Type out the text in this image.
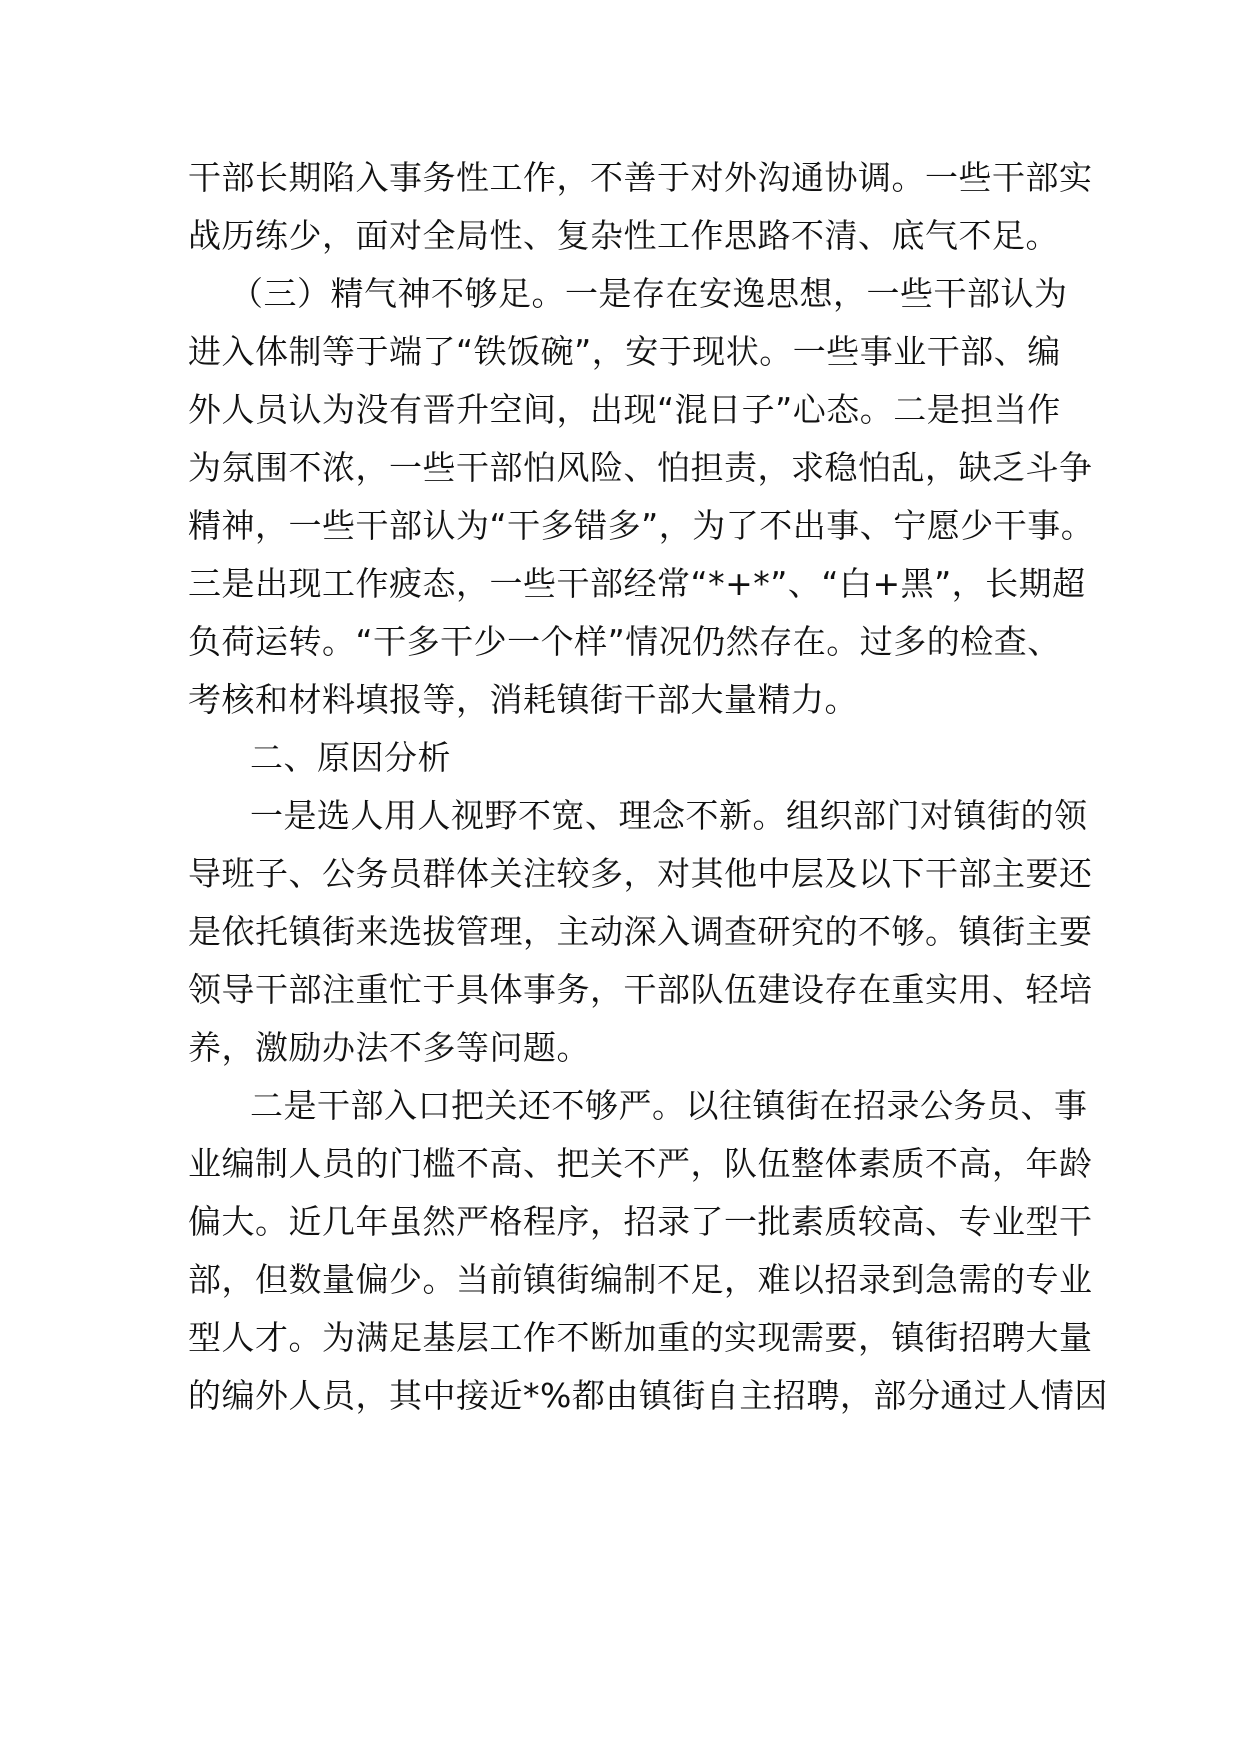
干部长期陷入事务性工作，不善于对外沟通协调。一些干部实
战历练少，面对全局性、复杂性工作思路不清、底气不足。
（三）精气神不够足。一是存在安逸思想，一些干部认为
进入体制等于端了“铁饭碗”，安于现状。一些事业干部、编
外人员认为没有晋升空间，出现“混日子”心态。二是担当作
为氛围不浓，一些干部怕风险、怕担责，求稳怕乱，缺乏斗争
精神，一些干部认为“干多错多”，为了不出事、宁愿少干事。
三是出现工作疲态，一些干部经常“*+*”、“白+黑”，长期超
负荷运转。“干多干少一个样”情况仍然存在。过多的检查、
考核和材料填报等，消耗镇街干部大量精力。
二、原因分析
一是选人用人视野不宽、理念不新。组织部门对镇街的领
导班子、公务员群体关注较多，对其他中层及以下干部主要还
是依托镇街来选拔管理，主动深入调查研究的不够。镇街主要
领导干部注重忙于具体事务，干部队伍建设存在重实用、轻培
养，激励办法不多等问题。
二是干部入口把关还不够严。以往镇街在招录公务员、事
业编制人员的门槛不高、把关不严，队伍整体素质不高，年龄
偏大。近几年虽然严格程序，招录了一批素质较高、专业型干
部，但数量偏少。当前镇街编制不足，难以招录到急需的专业
型人才。为满足基层工作不断加重的实现需要，镇街招聘大量
的编外人员，其中接近*%都由镇街自主招聘，部分通过人情因
